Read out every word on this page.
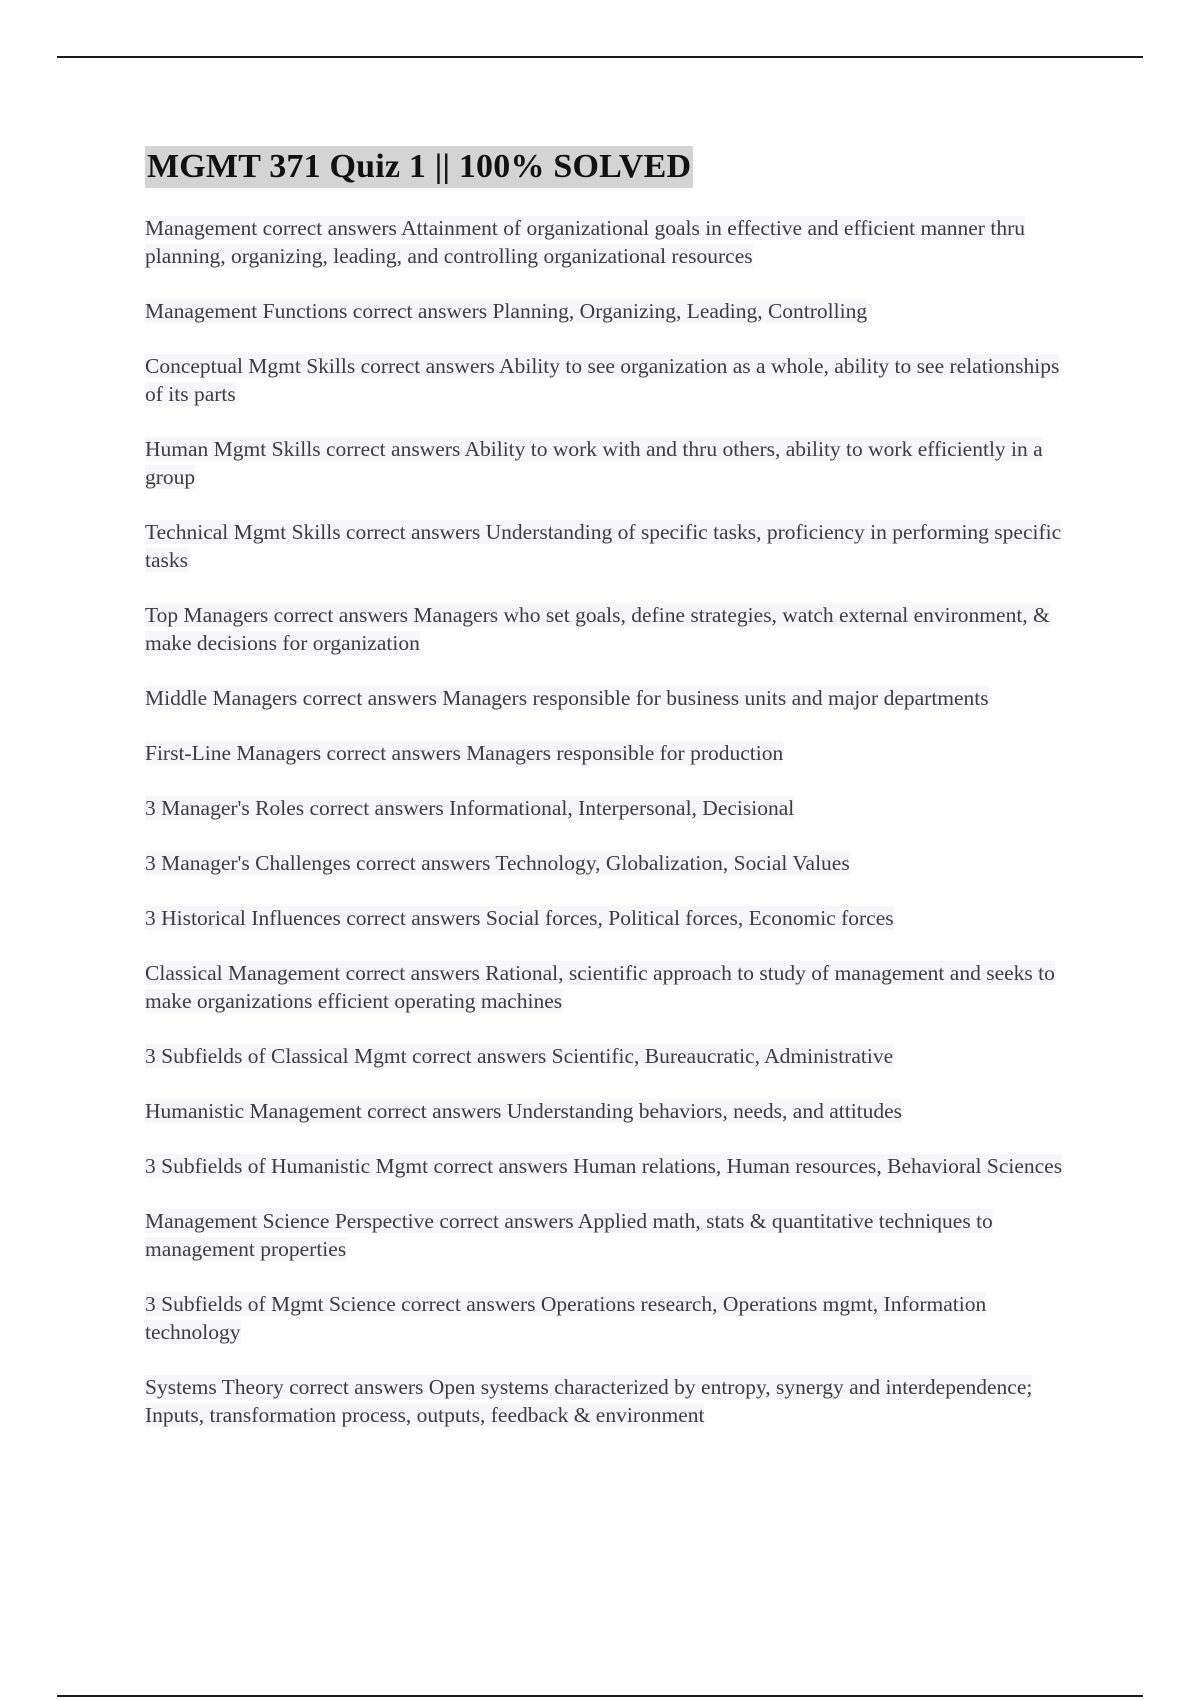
MGMT 371 Quiz 1 || 100% SOLVED

Management correct answers Attainment of organizational goals in effective and efficient manner thru planning, organizing, leading, and controlling organizational resources

Management Functions correct answers Planning, Organizing, Leading, Controlling

Conceptual Mgmt Skills correct answers Ability to see organization as a whole, ability to see relationships of its parts

Human Mgmt Skills correct answers Ability to work with and thru others, ability to work efficiently in a group

Technical Mgmt Skills correct answers Understanding of specific tasks, proficiency in performing specific tasks

Top Managers correct answers Managers who set goals, define strategies, watch external environment, & make decisions for organization

Middle Managers correct answers Managers responsible for business units and major departments

First-Line Managers correct answers Managers responsible for production

3 Manager's Roles correct answers Informational, Interpersonal, Decisional

3 Manager's Challenges correct answers Technology, Globalization, Social Values

3 Historical Influences correct answers Social forces, Political forces, Economic forces

Classical Management correct answers Rational, scientific approach to study of management and seeks to make organizations efficient operating machines

3 Subfields of Classical Mgmt correct answers Scientific, Bureaucratic, Administrative

Humanistic Management correct answers Understanding behaviors, needs, and attitudes

3 Subfields of Humanistic Mgmt correct answers Human relations, Human resources, Behavioral Sciences

Management Science Perspective correct answers Applied math, stats & quantitative techniques to management properties

3 Subfields of Mgmt Science correct answers Operations research, Operations mgmt, Information technology

Systems Theory correct answers Open systems characterized by entropy, synergy and interdependence; Inputs, transformation process, outputs, feedback & environment
